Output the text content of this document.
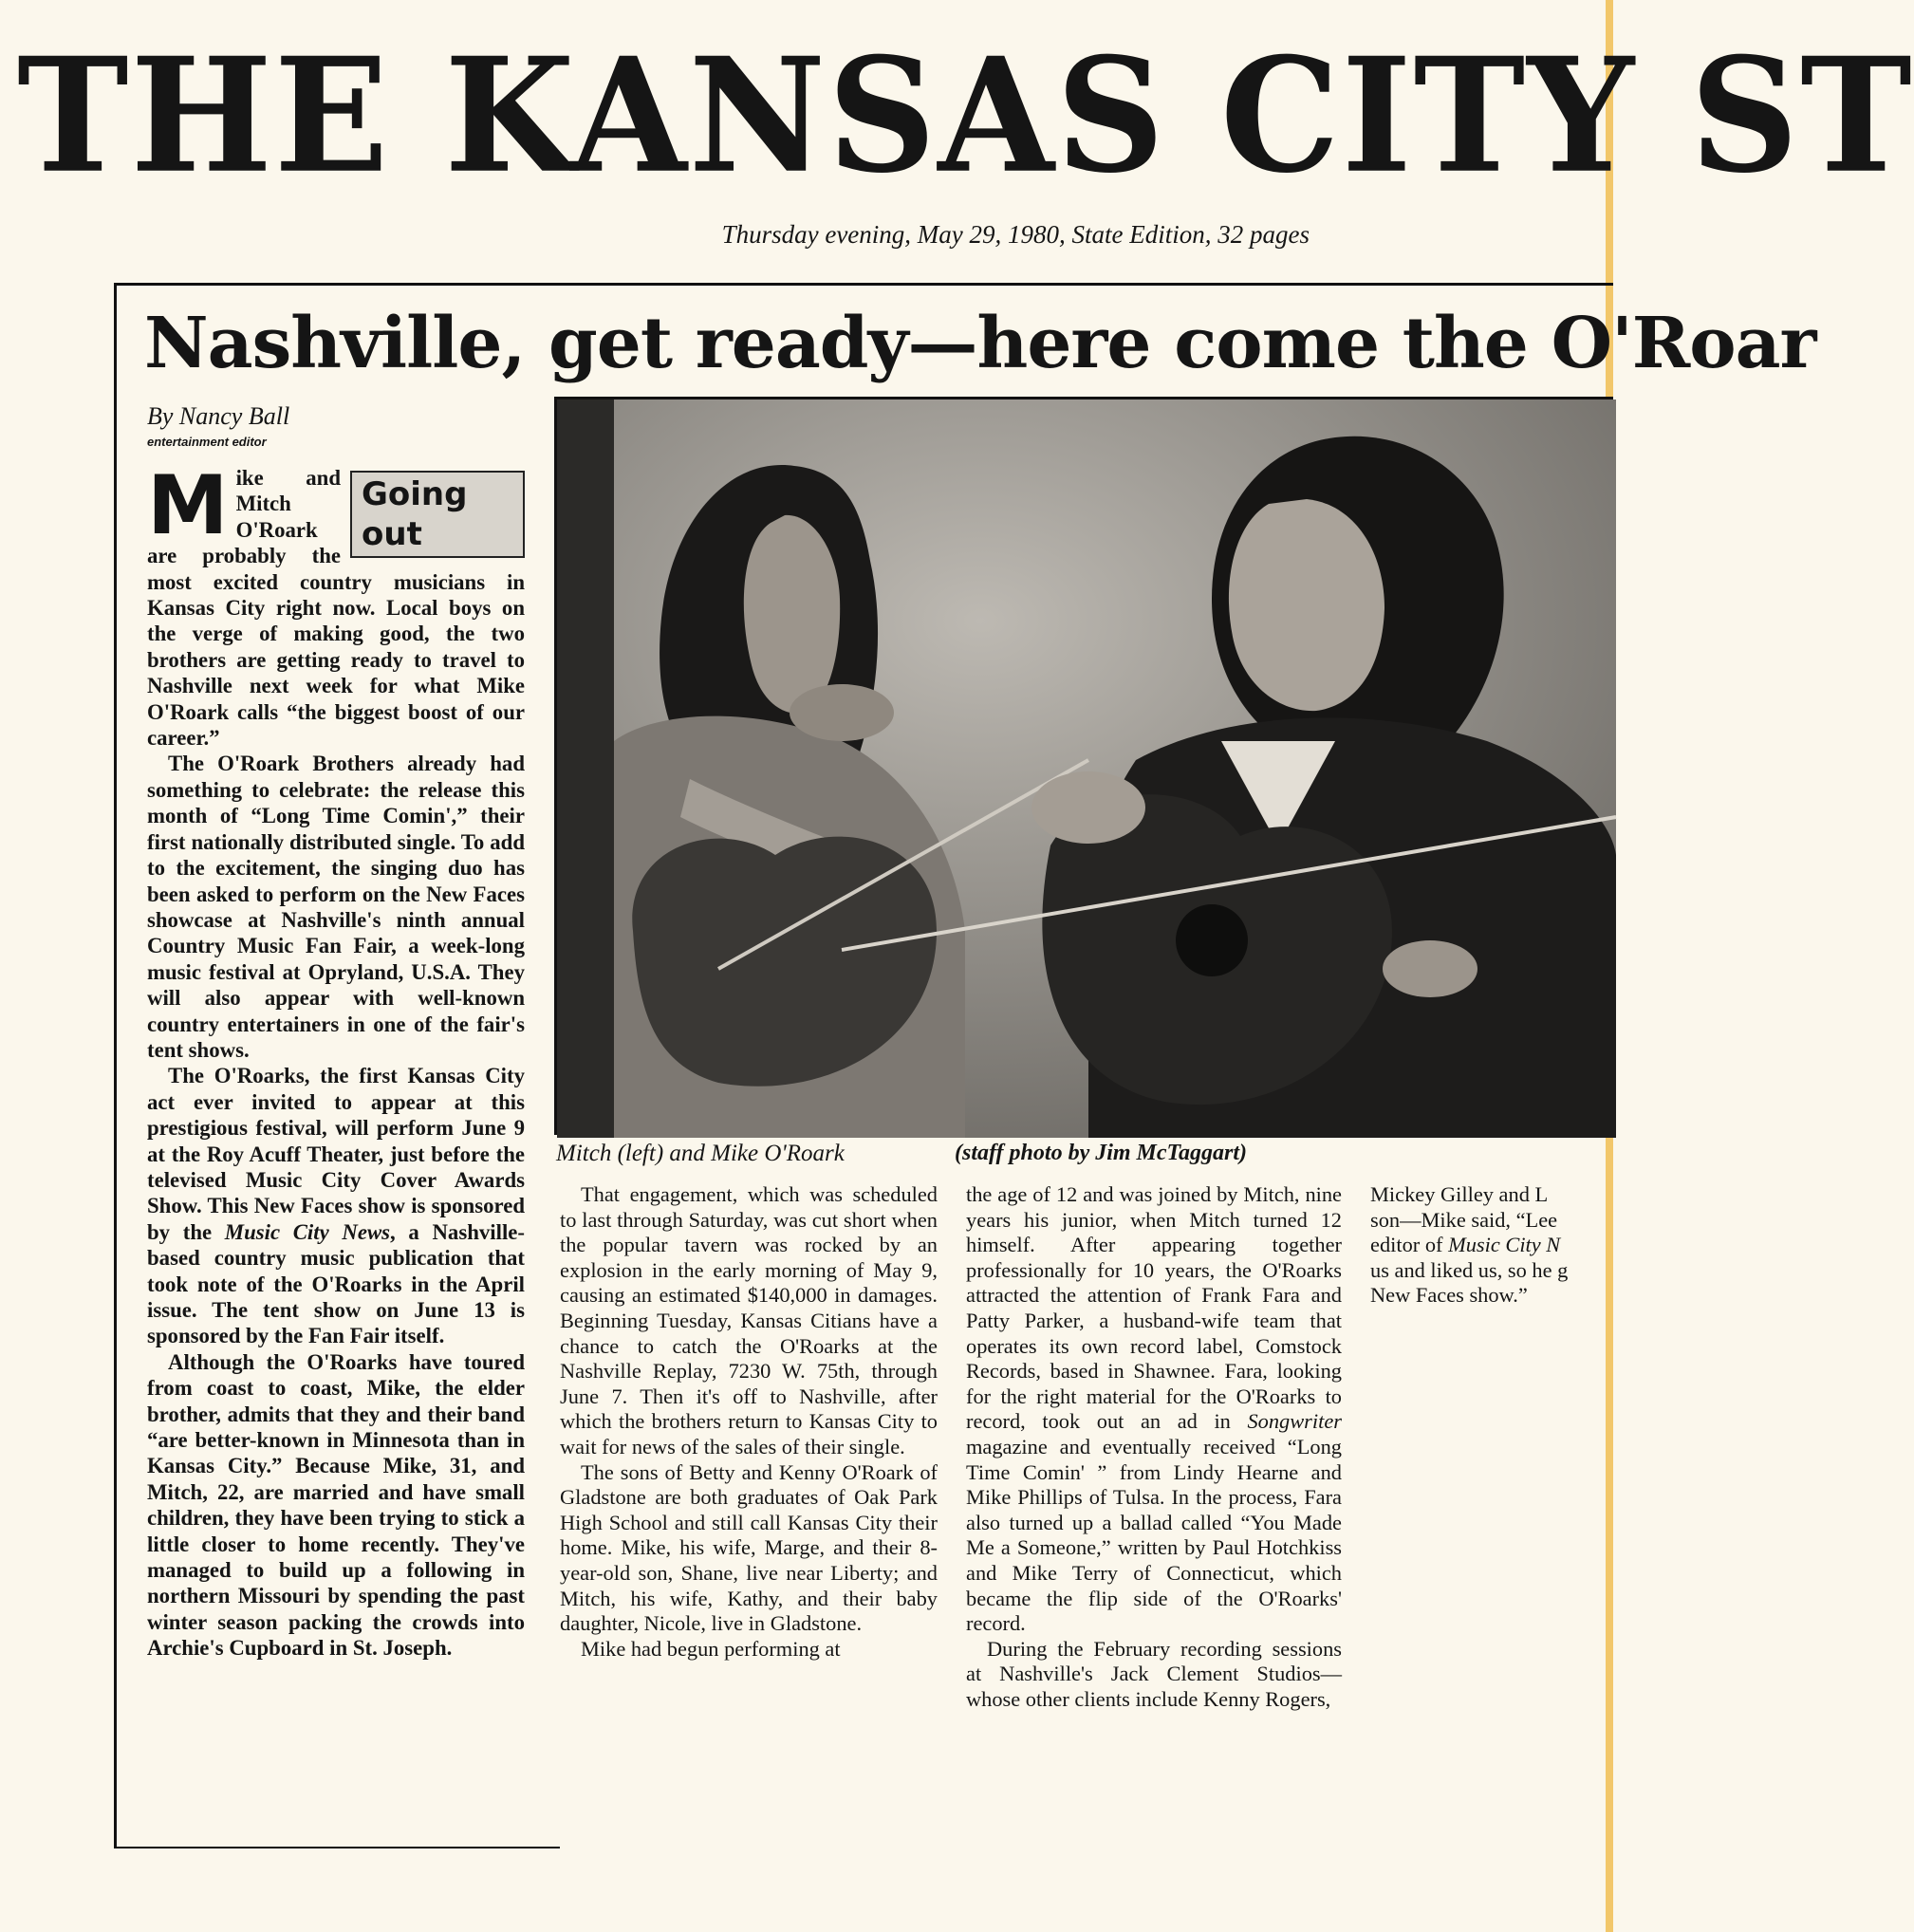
THE KANSAS CITY ST
Thursday evening, May 29, 1980, State Edition, 32 pages
Nashville, get ready—here come the O'Roar
By Nancy Ball
entertainment editor

M	Going
out
ike and Mitch O'Roark are probably the most excited country musicians in Kansas City right now. Local boys on the verge of making good, the two brothers are getting ready to travel to Nashville next week for what Mike O'Roark calls “the biggest boost of our career.”

The O'Roark Brothers already had something to celebrate: the release this month of “Long Time Comin',” their first nationally distributed single. To add to the excitement, the singing duo has been asked to perform on the New Faces showcase at Nashville's ninth annual Country Music Fan Fair, a week-long music festival at Opryland, U.S.A. They will also appear with well-known country entertainers in one of the fair's tent shows.

The O'Roarks, the first Kansas City act ever invited to appear at this prestigious festival, will perform June 9 at the Roy Acuff Theater, just before the televised Music City Cover Awards Show. This New Faces show is sponsored by the Music City News, a Nashville-based country music publication that took note of the O'Roarks in the April issue. The tent show on June 13 is sponsored by the Fan Fair itself.

Although the O'Roarks have toured from coast to coast, Mike, the elder brother, admits that they and their band “are better-known in Minnesota than in Kansas City.” Because Mike, 31, and Mitch, 22, are married and have small children, they have been trying to stick a little closer to home recently. They've managed to build up a following in northern Missouri by spending the past winter season packing the crowds into Archie's Cupboard in St. Joseph.

Mitch (left) and Mike O'Roark	(staff photo by Jim McTaggart)

That engagement, which was scheduled to last through Saturday, was cut short when the popular tavern was rocked by an explosion in the early morning of May 9, causing an estimated $140,000 in damages. Beginning Tuesday, Kansas Citians have a chance to catch the O'Roarks at the Nashville Replay, 7230 W. 75th, through June 7. Then it's off to Nashville, after which the brothers return to Kansas City to wait for news of the sales of their single.

The sons of Betty and Kenny O'Roark of Gladstone are both graduates of Oak Park High School and still call Kansas City their home. Mike, his wife, Marge, and their 8-year-old son, Shane, live near Liberty; and Mitch, his wife, Kathy, and their baby daughter, Nicole, live in Gladstone.

Mike had begun performing at

the age of 12 and was joined by Mitch, nine years his junior, when Mitch turned 12 himself. After appearing together professionally for 10 years, the O'Roarks attracted the attention of Frank Fara and Patty Parker, a husband-wife team that operates its own record label, Comstock Records, based in Shawnee. Fara, looking for the right material for the O'Roarks to record, took out an ad in Songwriter magazine and eventually received “Long Time Comin' ” from Lindy Hearne and Mike Phillips of Tulsa. In the process, Fara also turned up a ballad called “You Made Me a Someone,” written by Paul Hotchkiss and Mike Terry of Connecticut, which became the flip side of the O'Roarks' record.

During the February recording sessions at Nashville's Jack Clement Studios—whose other clients include Kenny Rogers,

Mickey Gilley and L
son—Mike said, “Lee
editor of Music City N
us and liked us, so he g
New Faces show.”
